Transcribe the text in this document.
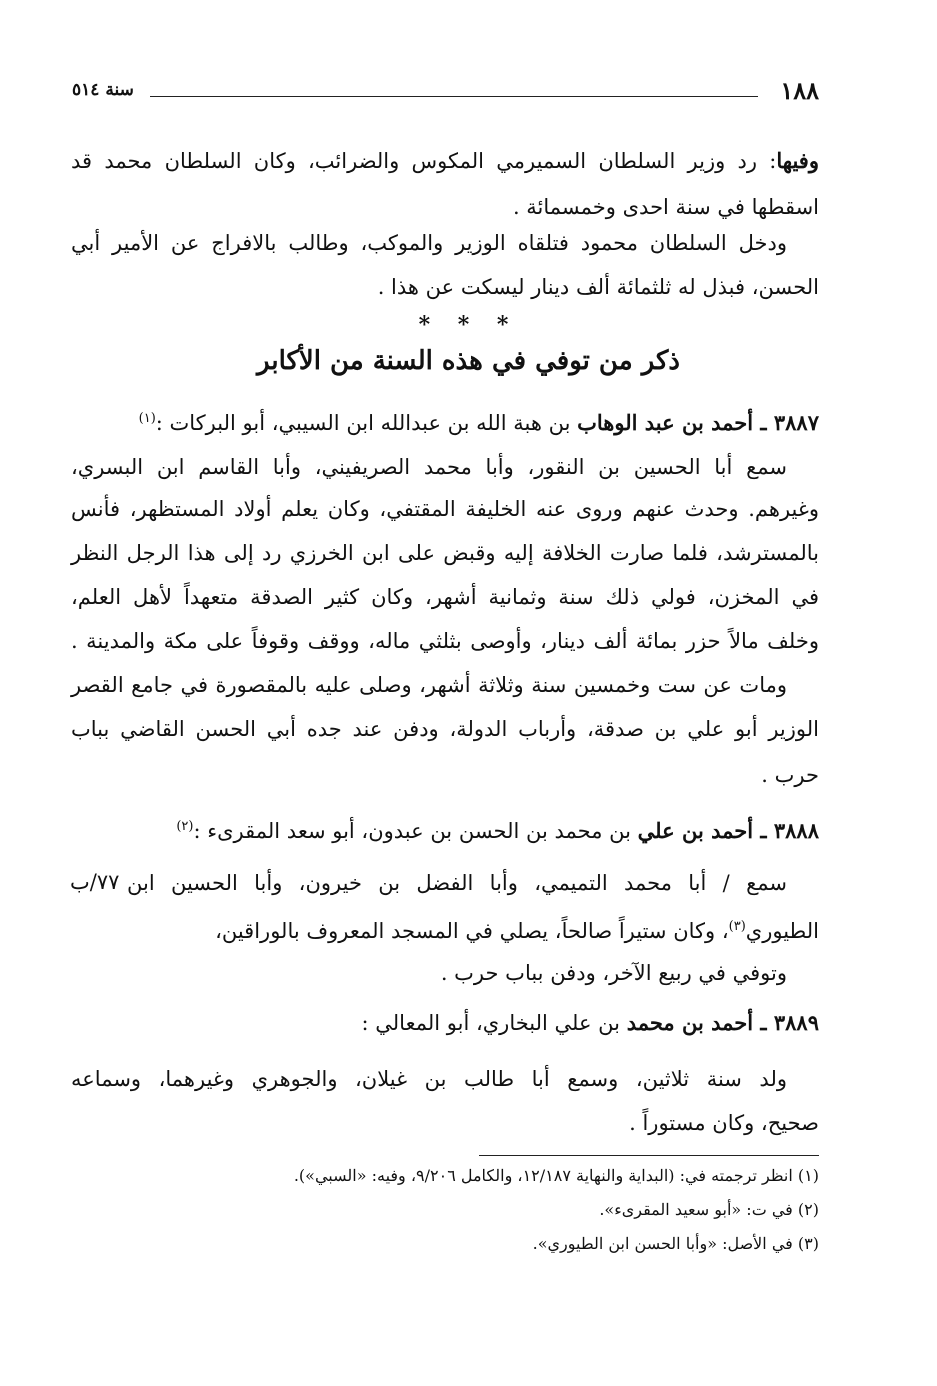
١٨٨
سنة ٥١٤
وفيها: رد وزير السلطان السميرمي المكوس والضرائب، وكان السلطان محمد قد
اسقطها في سنة احدى وخمسمائة .
ودخل السلطان محمود فتلقاه الوزير والموكب، وطالب بالافراج عن الأمير أبي
الحسن، فبذل له ثلثمائة ألف دينار ليسكت عن هذا .
* * *
ذكر من توفي في هذه السنة من الأكابر
٣٨٨٧ ـ أحمد بن عبد الوهاب بن هبة الله بن عبدالله ابن السيبي، أبو البركات :$^{(١)}$
سمع أبا الحسين بن النقور، وأبا محمد الصريفيني، وأبا القاسم ابن البسري،
وغيرهم. وحدث عنهم وروى عنه الخليفة المقتفي، وكان يعلم أولاد المستظهر، فأنس
بالمسترشد، فلما صارت الخلافة إليه وقبض على ابن الخرزي رد إلى هذا الرجل النظر
في المخزن، فولي ذلك سنة وثمانية أشهر، وكان كثير الصدقة متعهداً لأهل العلم،
وخلف مالاً حزر بمائة ألف دينار، وأوصى بثلثي ماله، ووقف وقوفاً على مكة والمدينة .
ومات عن ست وخمسين سنة وثلاثة أشهر، وصلى عليه بالمقصورة في جامع القصر
الوزير أبو علي بن صدقة، وأرباب الدولة، ودفن عند جده أبي الحسن القاضي بباب
حرب .
٣٨٨٨ ـ أحمد بن علي بن محمد بن الحسن بن عبدون، أبو سعد المقرىء :$^{(٢)}$
٧٧/ب سمع / أبا محمد التميمي، وأبا الفضل بن خيرون، وأبا الحسين ابن
الطيوري$^{(٣)}$، وكان ستيراً صالحاً، يصلي في المسجد المعروف بالوراقين،
وتوفي في ربيع الآخر، ودفن بباب حرب .
٣٨٨٩ ـ أحمد بن محمد بن علي البخاري، أبو المعالي :
ولد سنة ثلاثين، وسمع أبا طالب بن غيلان، والجوهري وغيرهما، وسماعه
صحيح، وكان مستوراً .
(١) انظر ترجمته في: (البداية والنهاية ١٢/١٨٧، والكامل ٩/٢٠٦، وفيه: «السبي»).
(٢) في ت: «أبو سعيد المقرىء».
(٣) في الأصل: «وأبا الحسن ابن الطيوري».
